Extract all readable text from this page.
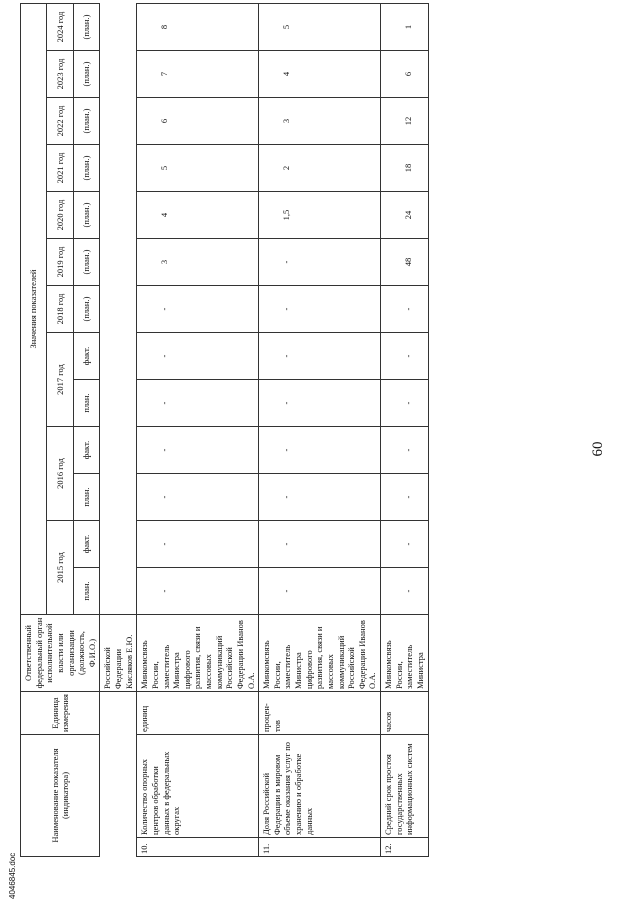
4046845.doc
60
Наименование показателя (индикатора)		Единица измерения	Ответственный федеральный орган исполнительной власти или организации (должность, Ф.И.О.)	Значения показателей												
				2015 год		2016 год		2017 год		2018 год	2019 год	2020 год	2021 год	2022 год	2023 год	2024 год
				план.	факт.	план.	факт.	план.	факт.	(план.)	(план.)	(план.)	(план.)	(план.)	(план.)	(план.)
			Российской Федерации Кисляков Е.Ю.													
10.	Количество опорных центров обработки данных в федеральных округах	единиц	Минкомсвязь России, заместитель Министра цифрового развития, связи и массовых коммуникаций Российской Федерации Иванов О.А.	-	-	-	-	-	-	-	3	4	5	6	7	8
11.	Доля Российской Федерации в мировом объеме оказания услуг по хранению и обработке данных	процен-тов	Минкомсвязь России, заместитель Министра цифрового развития, связи и массовых коммуникаций Российской Федерации Иванов О.А.	-	-	-	-	-	-	-	-	1,5	2	3	4	5
12.	Средний срок простоя государственных информационных систем	часов	Минкомсвязь России, заместитель Министра	-	-	-	-	-	-	-	48	24	18	12	6	1
